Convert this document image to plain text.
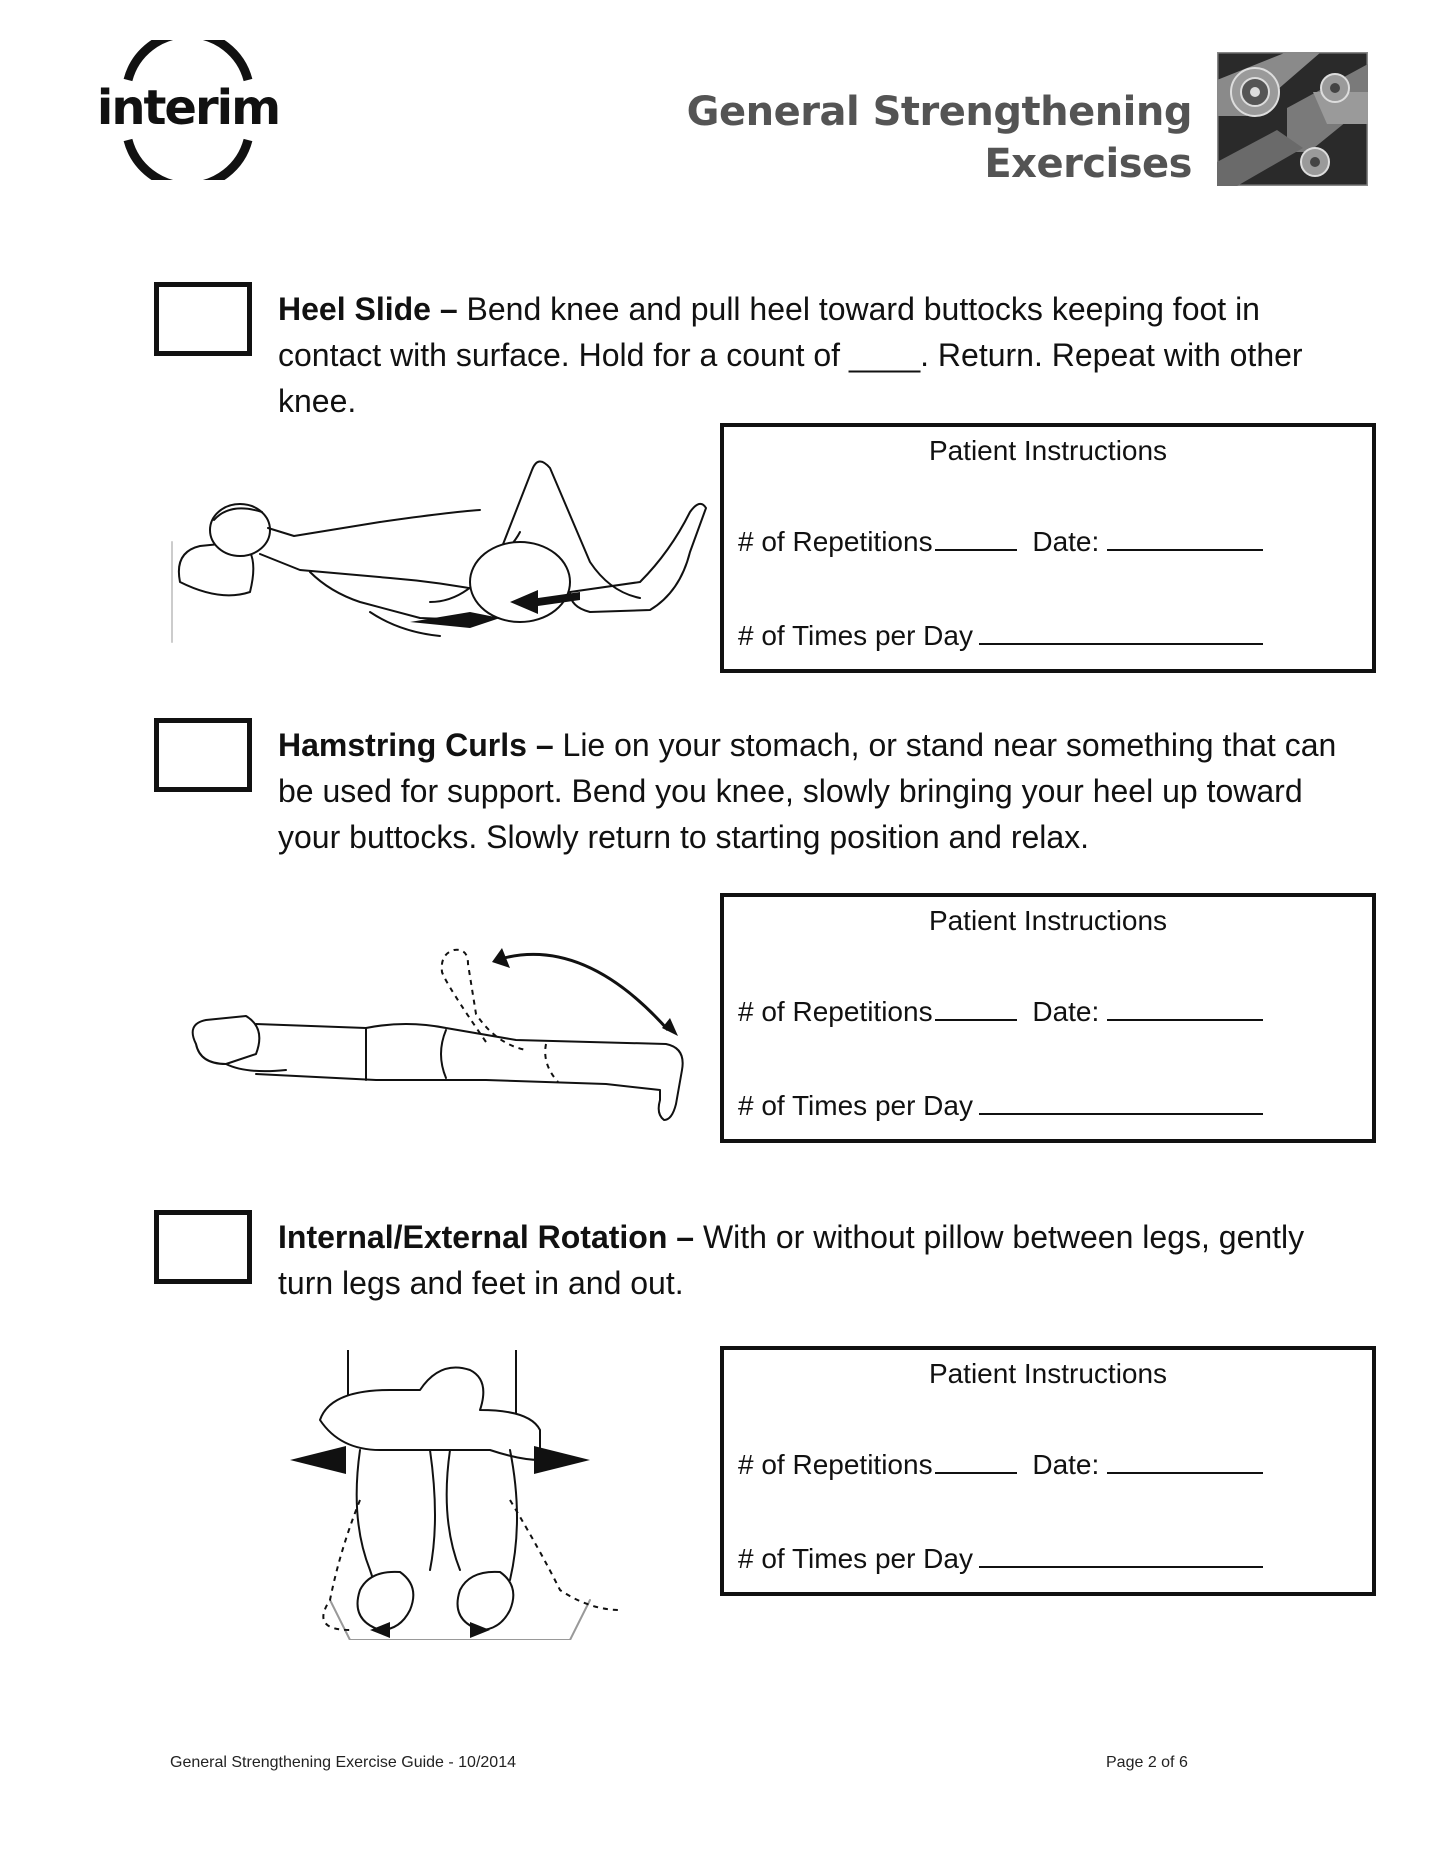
interim	General Strengthening
Exercises
Heel Slide – Bend knee and pull heel toward buttocks keeping foot in contact with surface. Hold for a count of ____. Return. Repeat with other knee.
Patient Instructions
# of Repetitions	Date:
# of Times per Day
Hamstring Curls – Lie on your stomach, or stand near something that can be used for support. Bend you knee, slowly bringing your heel up toward your buttocks. Slowly return to starting position and relax.
Patient Instructions
# of Repetitions	Date:
# of Times per Day
Internal/External Rotation – With or without pillow between legs, gently turn legs and feet in and out.
Patient Instructions
# of Repetitions	Date:
# of Times per Day
General Strengthening Exercise Guide - 10/2014	Page 2 of 6
